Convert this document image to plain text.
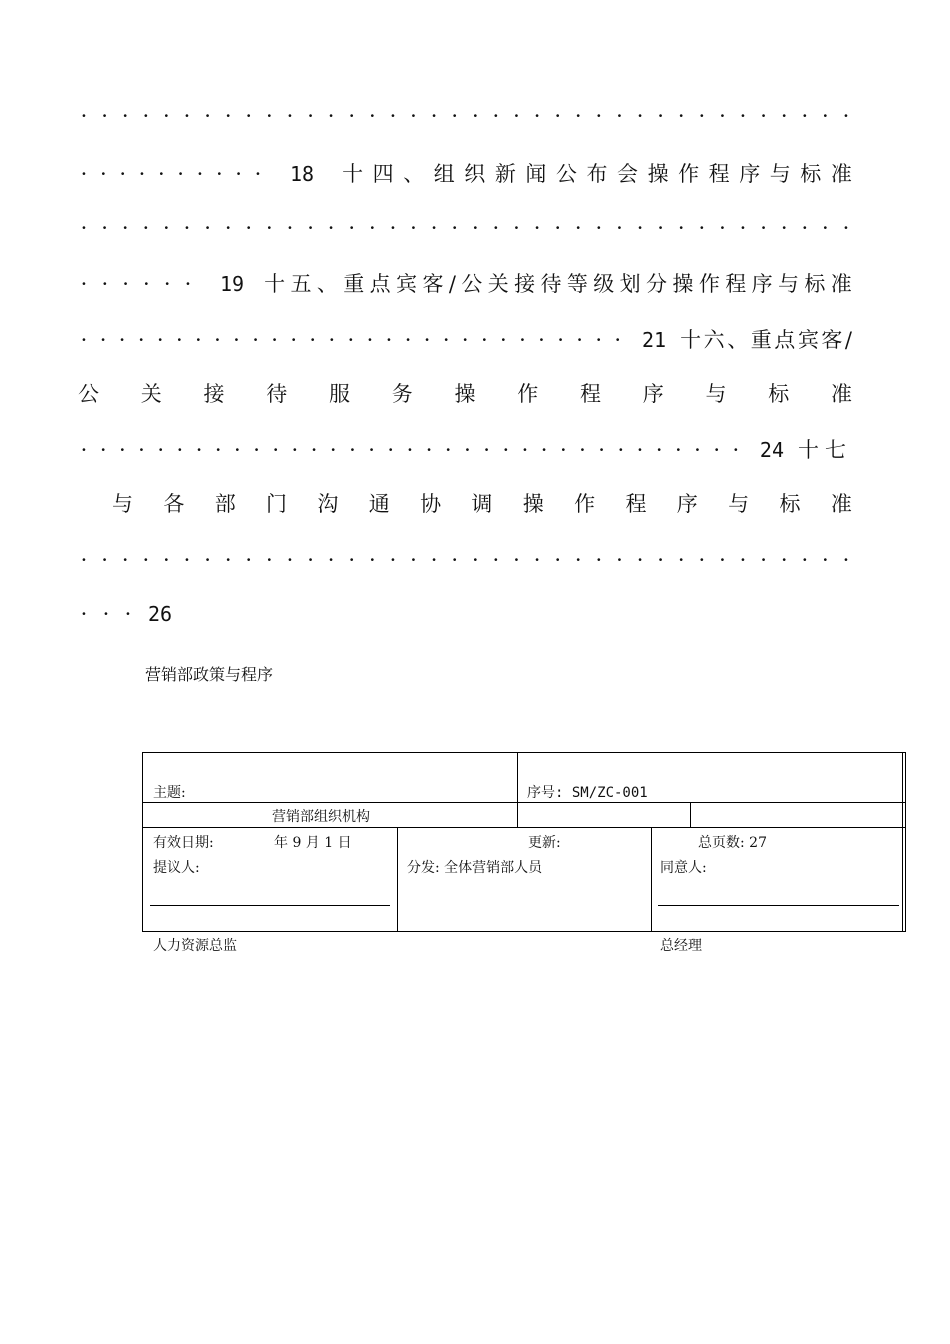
· · · · · · · · · · · · · · · · · · · · · · · · · · · · · · · · · · · · · ·
· · · · · · · · · · 18 十 四 、 组 织 新 闻 公 布 会 操 作 程 序 与 标 准
· · · · · · · · · · · · · · · · · · · · · · · · · · · · · · · · · · · · · ·
· · · · · · 19 十 五 、 重 点 宾 客 / 公 关 接 待 等 级 划 分 操 作 程 序 与 标 准
· · · · · · · · · · · · · · · · · · · · · · · · · · · · · 21 十 六 、 重 点 宾 客 /
公 关 接 待 服 务 操 作 程 序 与 标 准
· · · · · · · · · · · · · · · · · · · · · · · · · · · · · · · · · · · 24 十七
与 各 部 门 沟 通 协 调 操 作 程 序 与 标 准
· · · · · · · · · · · · · · · · · · · · · · · · · · · · · · · · · · · · · ·
· · · 26
营销部政策与程序
主题:	序号: SM/ZC-001
营销部组织机构
有效日期:	年 9 月 1 日	更新:	总页数: 27
提议人:	分发: 全体营销部人员	同意人:
人力资源总监	总经理
